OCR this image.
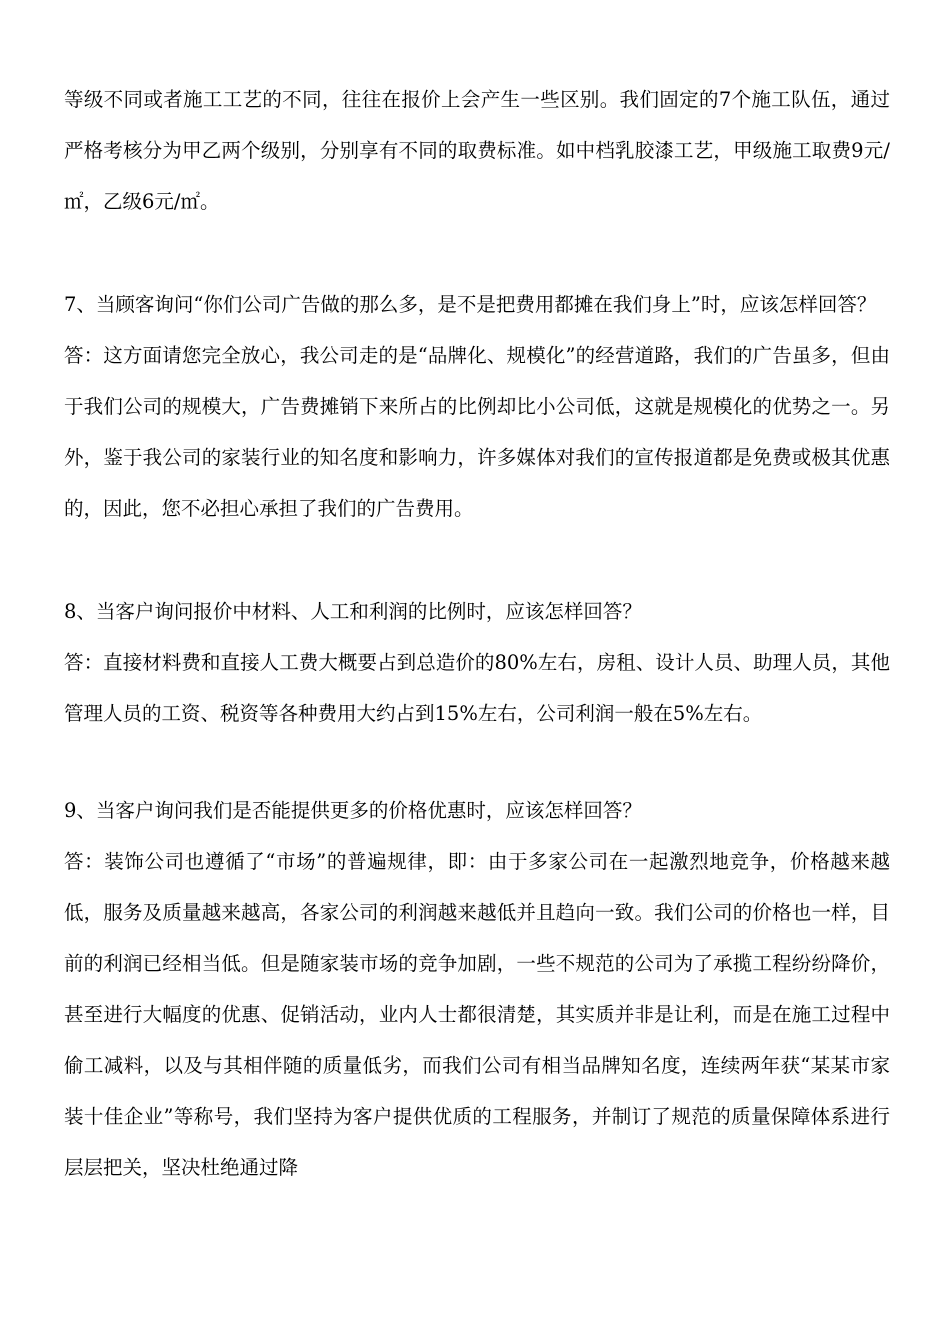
等级不同或者施工工艺的不同，往往在报价上会产生一些区别。我们固定的7个施工队伍，通过严格考核分为甲乙两个级别，分别享有不同的取费标准。如中档乳胶漆工艺，甲级施工取费9元/㎡，乙级6元/㎡。

7、当顾客询问“你们公司广告做的那么多，是不是把费用都摊在我们身上”时，应该怎样回答？

答：这方面请您完全放心，我公司走的是“品牌化、规模化”的经营道路，我们的广告虽多，但由于我们公司的规模大，广告费摊销下来所占的比例却比小公司低，这就是规模化的优势之一。另外，鉴于我公司的家装行业的知名度和影响力，许多媒体对我们的宣传报道都是免费或极其优惠的，因此，您不必担心承担了我们的广告费用。

8、当客户询问报价中材料、人工和利润的比例时，应该怎样回答？

答：直接材料费和直接人工费大概要占到总造价的80%左右，房租、设计人员、助理人员，其他管理人员的工资、税资等各种费用大约占到15%左右，公司利润一般在5%左右。

9、当客户询问我们是否能提供更多的价格优惠时，应该怎样回答？

答：装饰公司也遵循了“市场”的普遍规律，即：由于多家公司在一起激烈地竞争，价格越来越低，服务及质量越来越高，各家公司的利润越来越低并且趋向一致。我们公司的价格也一样，目前的利润已经相当低。但是随家装市场的竞争加剧，一些不规范的公司为了承揽工程纷纷降价，甚至进行大幅度的优惠、促销活动，业内人士都很清楚，其实质并非是让利，而是在施工过程中偷工减料，以及与其相伴随的质量低劣，而我们公司有相当品牌知名度，连续两年获“某某市家装十佳企业”等称号，我们坚持为客户提供优质的工程服务，并制订了规范的质量保障体系进行层层把关，坚决杜绝通过降
